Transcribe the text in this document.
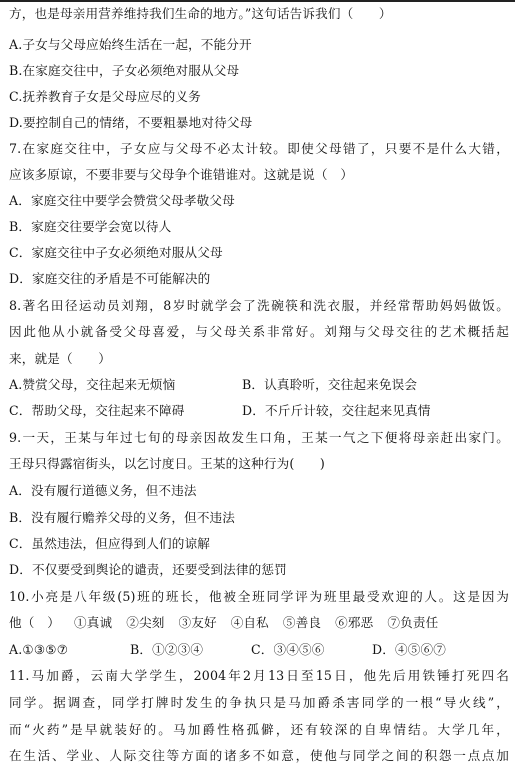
方，也是母亲用营养维持我们生命的地方。”这句话告诉我们（　　）
A.子女与父母应始终生活在一起，不能分开
B.在家庭交往中，子女必须绝对服从父母
C.抚养教育子女是父母应尽的义务
D.要控制自己的情绪，不要粗暴地对待父母
7.在家庭交往中，子女应与父母不必太计较。即使父母错了，只要不是什么大错，
应该多原谅，不要非要与父母争个谁错谁对。这就是说（　）
A．家庭交往中要学会赞赏父母孝敬父母
B．家庭交往要学会宽以待人
C．家庭交往中子女必须绝对服从父母
D．家庭交往的矛盾是不可能解决的
8.著名田径运动员刘翔，8岁时就学会了洗碗筷和洗衣服，并经常帮助妈妈做饭。
因此他从小就备受父母喜爱，与父母关系非常好。刘翔与父母交往的艺术概括起
来，就是（　　）
A.赞赏父母，交往起来无烦恼	B．认真聆听，交往起来免误会
C．帮助父母，交往起来不障碍	D．不斤斤计较，交往起来见真情
9.一天，王某与年过七旬的母亲因故发生口角，王某一气之下便将母亲赶出家门。
王母只得露宿街头，以乞讨度日。王某的这种行为(　　)
A．没有履行道德义务，但不违法
B．没有履行赡养父母的义务，但不违法
C．虽然违法，但应得到人们的谅解
D．不仅要受到舆论的谴责，还要受到法律的惩罚
10.小亮是八年级(5)班的班长，他被全班同学评为班里最受欢迎的人。这是因为
他（　） ①真诚 ②尖刻 ③友好 ④自私 ⑤善良 ⑥邪恶 ⑦负责任
A.①③⑤⑦	B．①②③④	C．③④⑤⑥	D．④⑤⑥⑦
11.马加爵，云南大学学生，2004年2月13日至15日，他先后用铁锤打死四名
同学。据调查，同学打牌时发生的争执只是马加爵杀害同学的一根“导火线”，
而“火药”是早就装好的。马加爵性格孤僻，还有较深的自卑情结。大学几年，
在生活、学业、人际交往等方面的诸多不如意，使他与同学之间的积怨一点点加
